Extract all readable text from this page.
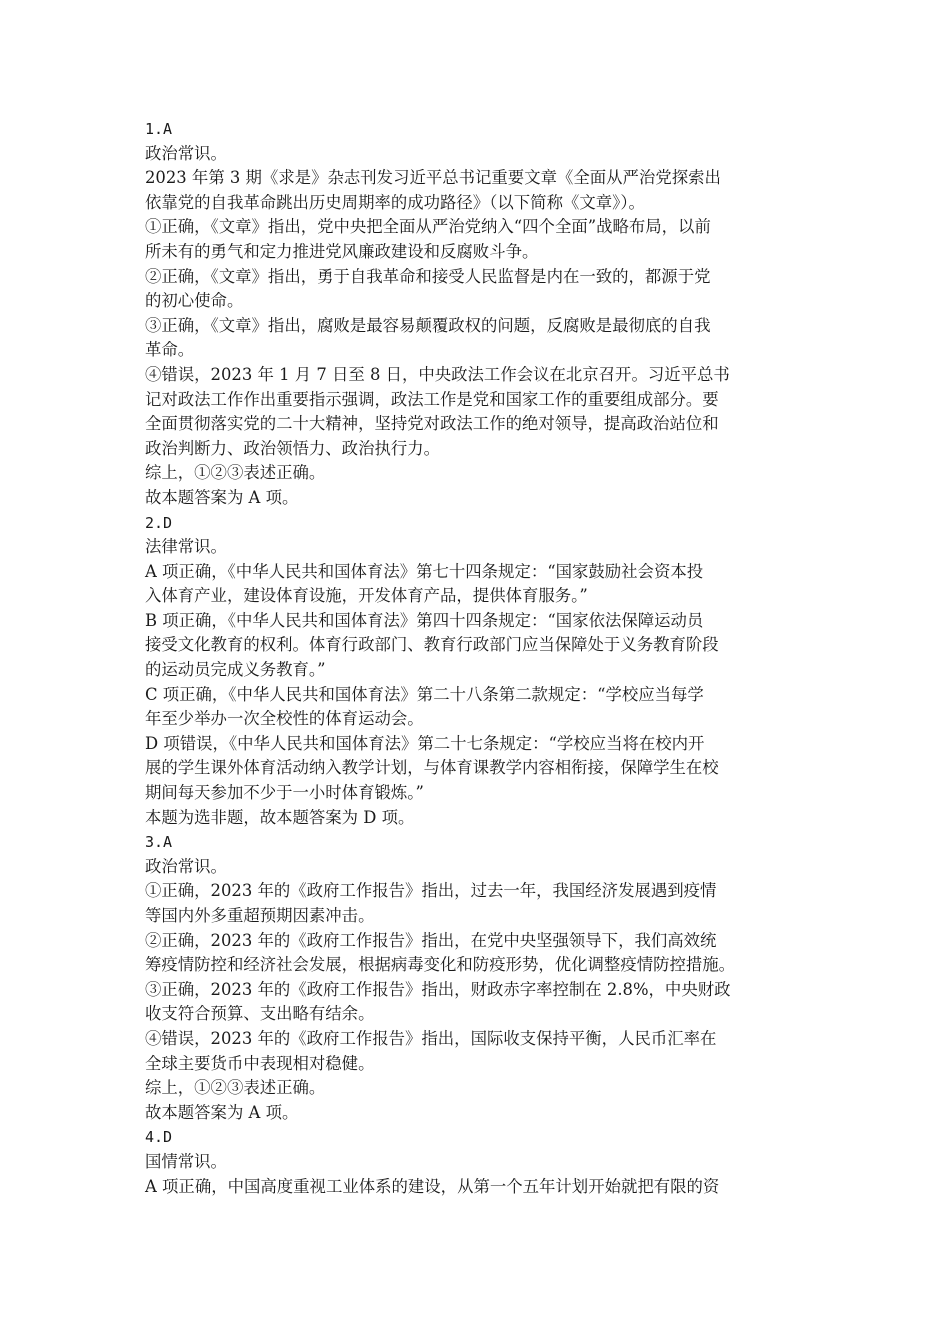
1.A
政治常识。
2023 年第 3 期《求是》杂志刊发习近平总书记重要文章《全面从严治党探索出
依靠党的自我革命跳出历史周期率的成功路径》（以下简称《文章》）。
①正确，《文章》指出，党中央把全面从严治党纳入“四个全面”战略布局，以前
所未有的勇气和定力推进党风廉政建设和反腐败斗争。
②正确，《文章》指出，勇于自我革命和接受人民监督是内在一致的，都源于党
的初心使命。
③正确，《文章》指出，腐败是最容易颠覆政权的问题，反腐败是最彻底的自我
革命。
④错误，2023 年 1 月 7 日至 8 日，中央政法工作会议在北京召开。习近平总书
记对政法工作作出重要指示强调，政法工作是党和国家工作的重要组成部分。要
全面贯彻落实党的二十大精神，坚持党对政法工作的绝对领导，提高政治站位和
政治判断力、政治领悟力、政治执行力。
综上，①②③表述正确。
故本题答案为 A 项。
2.D
法律常识。
A 项正确，《中华人民共和国体育法》第七十四条规定：“国家鼓励社会资本投
入体育产业，建设体育设施，开发体育产品，提供体育服务。”
B 项正确，《中华人民共和国体育法》第四十四条规定：“国家依法保障运动员
接受文化教育的权利。体育行政部门、教育行政部门应当保障处于义务教育阶段
的运动员完成义务教育。”
C 项正确，《中华人民共和国体育法》第二十八条第二款规定：“学校应当每学
年至少举办一次全校性的体育运动会。
D 项错误，《中华人民共和国体育法》第二十七条规定：“学校应当将在校内开
展的学生课外体育活动纳入教学计划，与体育课教学内容相衔接，保障学生在校
期间每天参加不少于一小时体育锻炼。”
本题为选非题，故本题答案为 D 项。
3.A
政治常识。
①正确，2023 年的《政府工作报告》指出，过去一年，我国经济发展遇到疫情
等国内外多重超预期因素冲击。
②正确，2023 年的《政府工作报告》指出，在党中央坚强领导下，我们高效统
筹疫情防控和经济社会发展，根据病毒变化和防疫形势，优化调整疫情防控措施。
③正确，2023 年的《政府工作报告》指出，财政赤字率控制在 2.8%，中央财政
收支符合预算、支出略有结余。
④错误，2023 年的《政府工作报告》指出，国际收支保持平衡，人民币汇率在
全球主要货币中表现相对稳健。
综上，①②③表述正确。
故本题答案为 A 项。
4.D
国情常识。
A 项正确，中国高度重视工业体系的建设，从第一个五年计划开始就把有限的资
